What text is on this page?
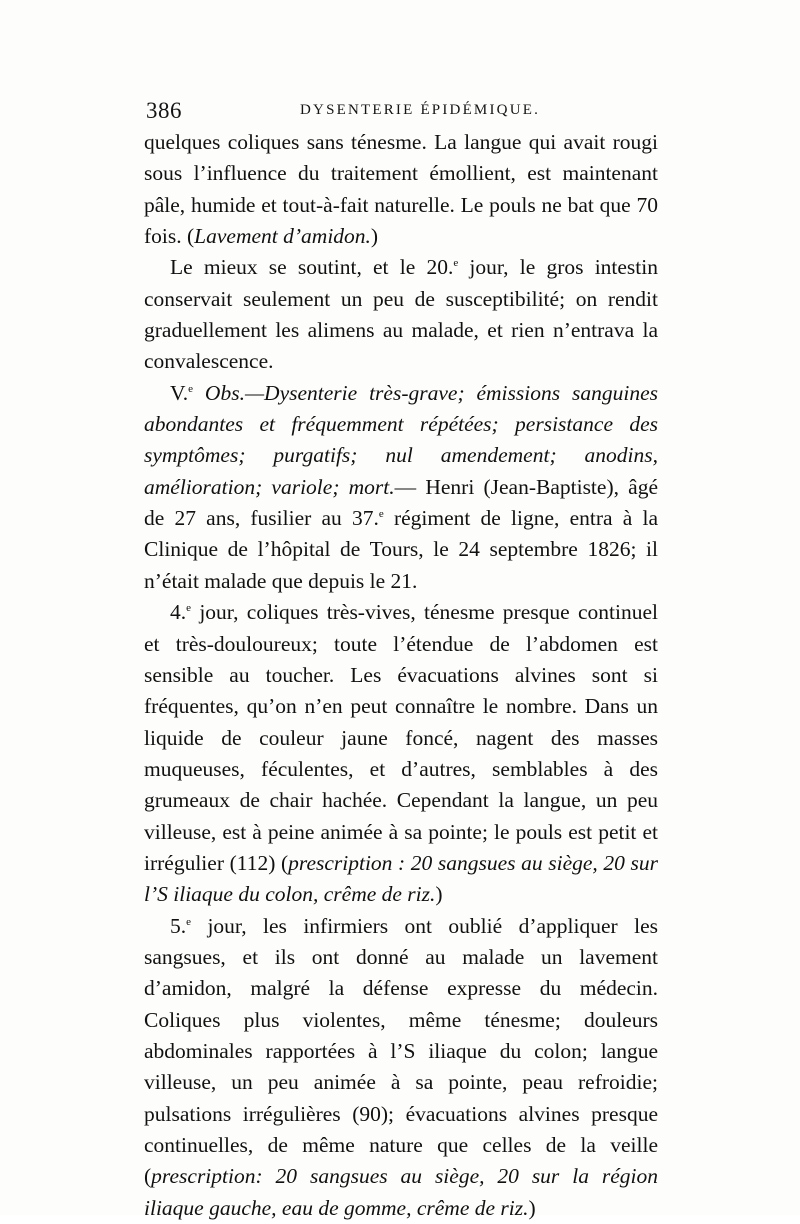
386	DYSENTERIE ÉPIDÉMIQUE.

quelques coliques sans ténesme. La langue qui avait rougi sous l’influence du traitement émollient, est maintenant pâle, humide et tout-à-fait naturelle. Le pouls ne bat que 70 fois. (Lavement d’amidon.)

Le mieux se soutint, et le 20.$^e$ jour, le gros intestin conservait seulement un peu de susceptibilité; on rendit graduellement les alimens au malade, et rien n’entrava la convalescence.

V.$^e$ Obs.—Dysenterie très-grave; émissions sanguines abondantes et fréquemment répétées; persistance des symptômes; purgatifs; nul amendement; anodins, amélioration; variole; mort.— Henri (Jean-Baptiste), âgé de 27 ans, fusilier au 37.$^e$ régiment de ligne, entra à la Clinique de l’hôpital de Tours, le 24 septembre 1826; il n’était malade que depuis le 21.

4.$^e$ jour, coliques très-vives, ténesme presque continuel et très-douloureux; toute l’étendue de l’abdomen est sensible au toucher. Les évacuations alvines sont si fréquentes, qu’on n’en peut connaître le nombre. Dans un liquide de couleur jaune foncé, nagent des masses muqueuses, féculentes, et d’autres, semblables à des grumeaux de chair hachée. Cependant la langue, un peu villeuse, est à peine animée à sa pointe; le pouls est petit et irrégulier (112) (prescription : 20 sangsues au siège, 20 sur l’S iliaque du colon, crême de riz.)

5.$^e$ jour, les infirmiers ont oublié d’appliquer les sangsues, et ils ont donné au malade un lavement d’amidon, malgré la défense expresse du médecin. Coliques plus violentes, même ténesme; douleurs abdominales rapportées à l’S iliaque du colon; langue villeuse, un peu animée à sa pointe, peau refroidie; pulsations irrégulières (90); évacuations alvines presque continuelles, de même nature que celles de la veille (prescription: 20 sangsues au siège, 20 sur la région iliaque gauche, eau de gomme, crême de riz.)
